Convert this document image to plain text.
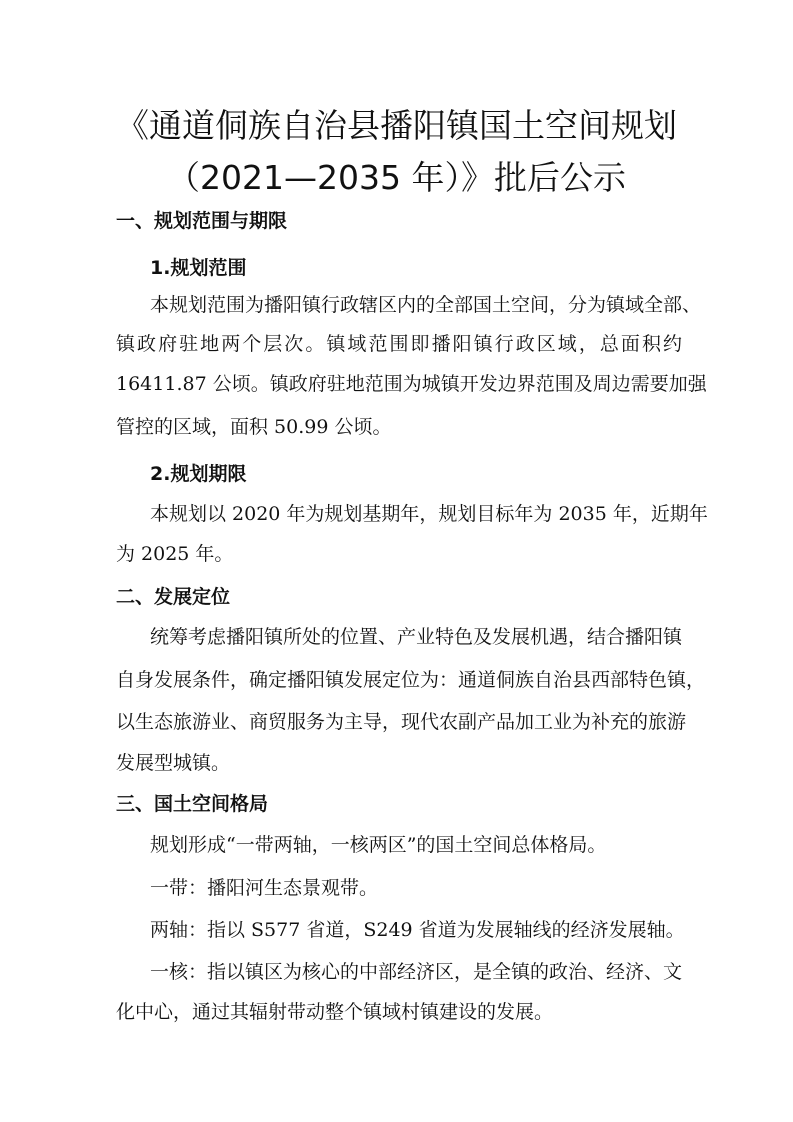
《通道侗族自治县播阳镇国土空间规划
（2021—2035 年）》批后公示
一、规划范围与期限
1.规划范围
本规划范围为播阳镇行政辖区内的全部国土空间，分为镇域全部、
镇政府驻地两个层次。镇域范围即播阳镇行政区域，总面积约
16411.87 公顷。镇政府驻地范围为城镇开发边界范围及周边需要加强
管控的区域，面积 50.99 公顷。
2.规划期限
本规划以 2020 年为规划基期年，规划目标年为 2035 年，近期年
为 2025 年。
二、发展定位
统筹考虑播阳镇所处的位置、产业特色及发展机遇，结合播阳镇
自身发展条件，确定播阳镇发展定位为：通道侗族自治县西部特色镇，
以生态旅游业、商贸服务为主导，现代农副产品加工业为补充的旅游
发展型城镇。
三、国土空间格局
规划形成“一带两轴，一核两区”的国土空间总体格局。
一带：播阳河生态景观带。
两轴：指以 S577 省道，S249 省道为发展轴线的经济发展轴。
一核：指以镇区为核心的中部经济区，是全镇的政治、经济、文
化中心，通过其辐射带动整个镇域村镇建设的发展。
